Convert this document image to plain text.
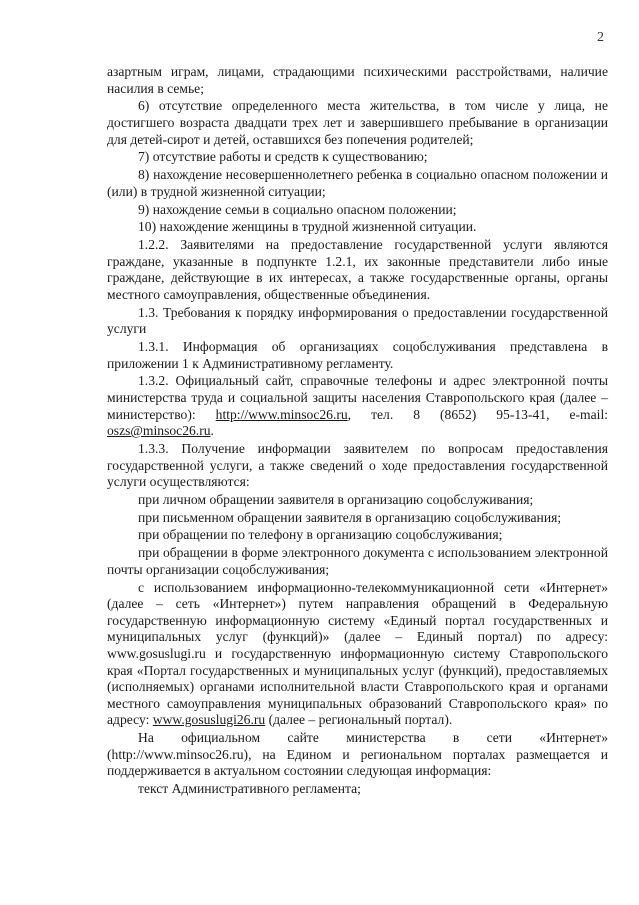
2

азартным играм, лицами, страдающими психическими расстройствами, наличие насилия в семье;

6) отсутствие определенного места жительства, в том числе у лица, не достигшего возраста двадцати трех лет и завершившего пребывание в организации для детей-сирот и детей, оставшихся без попечения родителей;

7) отсутствие работы и средств к существованию;

8) нахождение несовершеннолетнего ребенка в социально опасном положении и (или) в трудной жизненной ситуации;

9) нахождение семьи в социально опасном положении;

10) нахождение женщины в трудной жизненной ситуации.

1.2.2. Заявителями на предоставление государственной услуги являются граждане, указанные в подпункте 1.2.1, их законные представители либо иные граждане, действующие в их интересах, а также государственные органы, органы местного самоуправления, общественные объединения.

1.3. Требования к порядку информирования о предоставлении государственной услуги

1.3.1. Информация об организациях соцобслуживания представлена в приложении 1 к Административному регламенту.

1.3.2. Официальный сайт, справочные телефоны и адрес электронной почты министерства труда и социальной защиты населения Ставропольского края (далее – министерство): http://www.minsoc26.ru, тел. 8 (8652) 95-13-41, e-mail: oszs@minsoc26.ru.

1.3.3. Получение информации заявителем по вопросам предоставления государственной услуги, а также сведений о ходе предоставления государственной услуги осуществляются:

при личном обращении заявителя в организацию соцобслуживания;

при письменном обращении заявителя в организацию соцобслуживания;

при обращении по телефону в организацию соцобслуживания;

при обращении в форме электронного документа с использованием электронной почты организации соцобслуживания;

с использованием информационно-телекоммуникационной сети «Интернет» (далее – сеть «Интернет») путем направления обращений в Федеральную государственную информационную систему «Единый портал государственных и муниципальных услуг (функций)» (далее – Единый портал) по адресу: www.gosuslugi.ru и государственную информационную систему Ставропольского края «Портал государственных и муниципальных услуг (функций), предоставляемых (исполняемых) органами исполнительной власти Ставропольского края и органами местного самоуправления муниципальных образований Ставропольского края» по адресу: www.gosuslugi26.ru (далее – региональный портал).

На официальном сайте министерства в сети «Интернет» (http://www.minsoc26.ru), на Едином и региональном порталах размещается и поддерживается в актуальном состоянии следующая информация:

текст Административного регламента;
